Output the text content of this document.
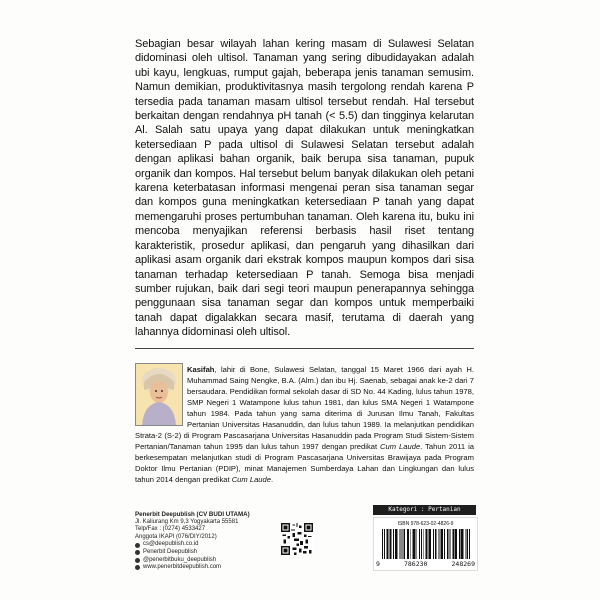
Sebagian besar wilayah lahan kering masam di Sulawesi Selatan didominasi oleh ultisol. Tanaman yang sering dibudidayakan adalah ubi kayu, lengkuas, rumput gajah, beberapa jenis tanaman semusim. Namun demikian, produktivitasnya masih tergolong rendah karena P tersedia pada tanaman masam ultisol tersebut rendah. Hal tersebut berkaitan dengan rendahnya pH tanah (< 5.5) dan tingginya kelarutan Al. Salah satu upaya yang dapat dilakukan untuk meningkatkan ketersediaan P pada ultisol di Sulawesi Selatan tersebut adalah dengan aplikasi bahan organik, baik berupa sisa tanaman, pupuk organik dan kompos. Hal tersebut belum banyak dilakukan oleh petani karena keterbatasan informasi mengenai peran sisa tanaman segar dan kompos guna meningkatkan ketersediaan P tanah yang dapat memengaruhi proses pertumbuhan tanaman. Oleh karena itu, buku ini mencoba menyajikan referensi berbasis hasil riset tentang karakteristik, prosedur aplikasi, dan pengaruh yang dihasilkan dari aplikasi asam organik dari ekstrak kompos maupun kompos dari sisa tanaman terhadap ketersediaan P tanah. Semoga bisa menjadi sumber rujukan, baik dari segi teori maupun penerapannya sehingga penggunaan sisa tanaman segar dan kompos untuk memperbaiki tanah dapat digalakkan secara masif, terutama di daerah yang lahannya didominasi oleh ultisol.

Kasifah, lahir di Bone, Sulawesi Selatan, tanggal 15 Maret 1966 dari ayah H. Muhammad Saing Nengke, B.A. (Alm.) dan ibu Hj. Saenab, sebagai anak ke-2 dari 7 bersaudara. Pendidikan formal sekolah dasar di SD No. 44 Kading, lulus tahun 1978, SMP Negeri 1 Watampone lulus tahun 1981, dan lulus SMA Negeri 1 Watampone tahun 1984. Pada tahun yang sama diterima di Jurusan Ilmu Tanah, Fakultas Pertanian Universitas Hasanuddin, dan lulus tahun 1989. Ia melanjutkan pendidikan Strata-2 (S-2) di Program Pascasarjana Universitas Hasanuddin pada Program Studi Sistem-Sistem Pertanian/Tanaman tahun 1995 dan lulus tahun 1997 dengan predikat Cum Laude. Tahun 2011 ia berkesempatan melanjutkan studi di Program Pascasarjana Universitas Brawijaya pada Program Doktor Ilmu Pertanian (PDIP), minat Manajemen Sumberdaya Lahan dan Lingkungan dan lulus tahun 2014 dengan predikat Cum Laude.

Penerbit Deepublish (CV BUDI UTAMA)
Jl. Kaliurang Km 9,3 Yogyakarta 55581
Telp/Fax : (0274) 4533427
Anggota IKAPI (076/DIY/2012)
cs@deepublish.co.id
Penerbit Deepublish
@penerbitbuku_deepublish
www.penerbitdeepublish.com
Kategori : Pertanian
ISBN 978-623-02-4826-9
9	786230	248269
